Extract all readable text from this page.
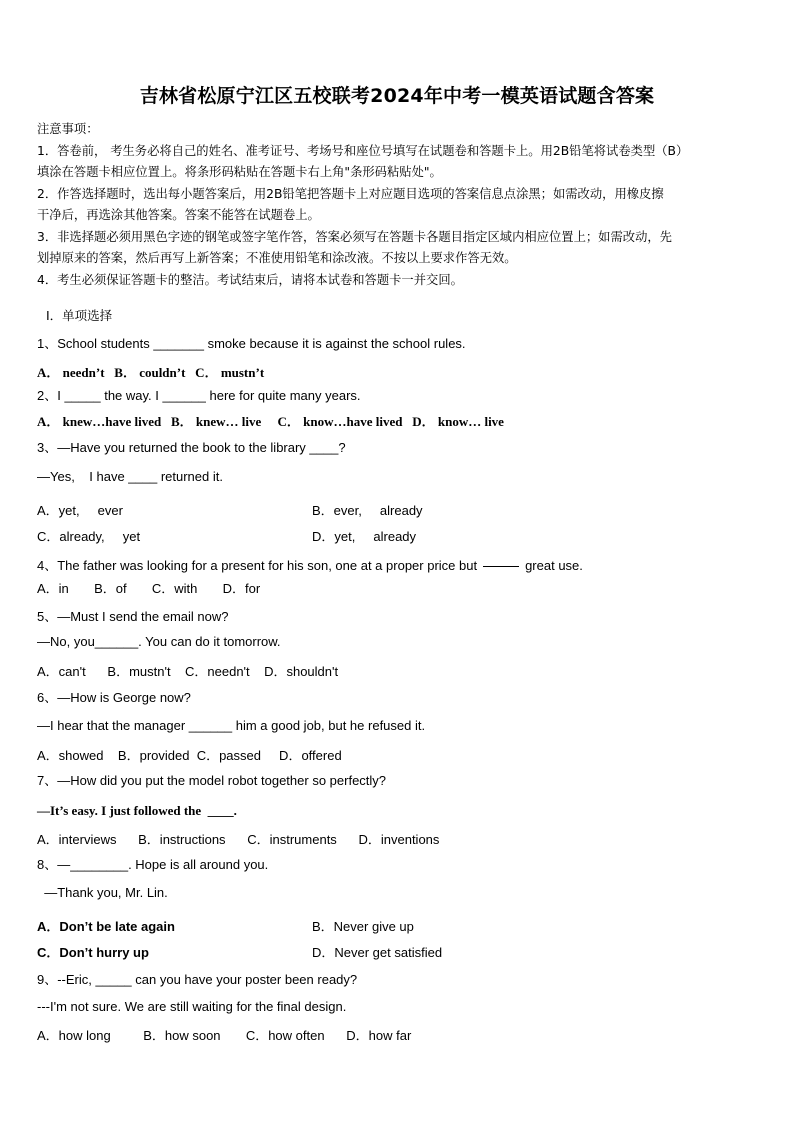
吉林省松原宁江区五校联考2024年中考一模英语试题含答案

注意事项：

1．答卷前， 考生务必将自己的姓名、准考证号、考场号和座位号填写在试题卷和答题卡上。用2B铅笔将试卷类型（B）

填涂在答题卡相应位置上。将条形码粘贴在答题卡右上角"条形码粘贴处"。

2．作答选择题时，选出每小题答案后，用2B铅笔把答题卡上对应题目选项的答案信息点涂黑；如需改动，用橡皮擦

干净后，再选涂其他答案。答案不能答在试题卷上。

3．非选择题必须用黑色字迹的钢笔或签字笔作答，答案必须写在答题卡各题目指定区域内相应位置上；如需改动，先

划掉原来的答案，然后再写上新答案；不准使用铅笔和涂改液。不按以上要求作答无效。

4．考生必须保证答题卡的整洁。考试结束后，请将本试卷和答题卡一并交回。

Ⅰ．单项选择
1、School students _______ smoke because it is against the school rules.
A． needn’t   B． couldn’t   C． mustn’t
2、I _____ the way. I ______ here for quite many years.
A． knew…have lived   B． knew… live     C． know…have lived   D． know… live
3、—Have you returned the book to the library ____?
—Yes,    I have ____ returned it.
A．yet,     ever	B．ever,     already
C．already,     yet	D．yet,     already
4、The father was looking for a present for his son, one at a proper price but	great use.
A．in       B．of       C．with       D．for
5、—Must I send the email now?
—No, you______. You can do it tomorrow.
A．can't      B．mustn't    C．needn't    D．shouldn't
6、—How is George now?
—I hear that the manager ______ him a good job, but he refused it.
A．showed    B．provided  C．passed     D．offered
7、—How did you put the model robot together so perfectly?
—It’s easy. I just followed the  ____.
A．interviews      B．instructions      C．instruments      D．inventions
8、—________. Hope is all around you.
—Thank you, Mr. Lin.
A．Don’t be late again	B．Never give up
C．Don’t hurry up	D．Never get satisfied
9、--Eric, _____ can you have your poster been ready?
---I'm not sure. We are still waiting for the final design.
A．how long         B．how soon       C．how often      D．how far
